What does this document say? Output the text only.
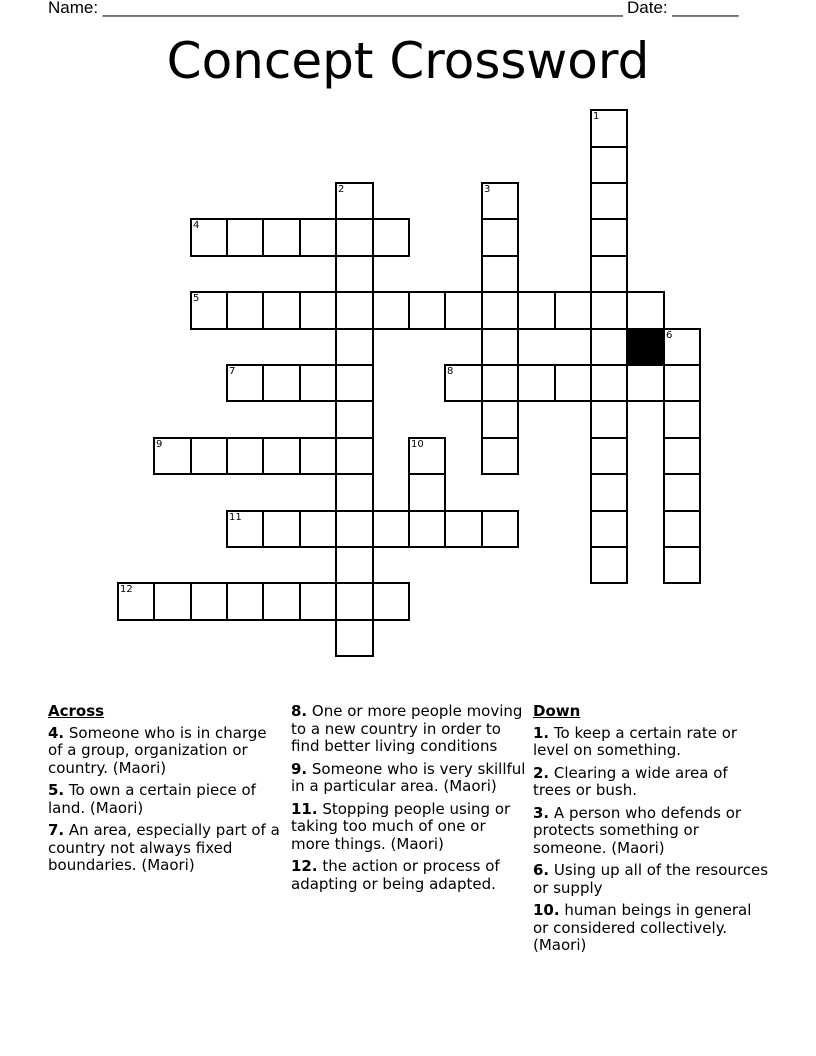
Name: _______________________________________________________ Date: _______
Concept Crossword
1
2	3
4
5
6
7	8
9	10
11
12
Across
4. Someone who is in charge of a group, organization or country. (Maori)
5. To own a certain piece of land. (Maori)
7. An area, especially part of a country not always fixed boundaries. (Maori)
8. One or more people moving to a new country in order to find better living conditions
9. Someone who is very skillful in a particular area. (Maori)
11. Stopping people using or taking too much of one or more things. (Maori)
12. the action or process of adapting or being adapted.
Down
1. To keep a certain rate or level on something.
2. Clearing a wide area of trees or bush.
3. A person who defends or protects something or someone. (Maori)
6. Using up all of the resources or supply
10. human beings in general or considered collectively. (Maori)
